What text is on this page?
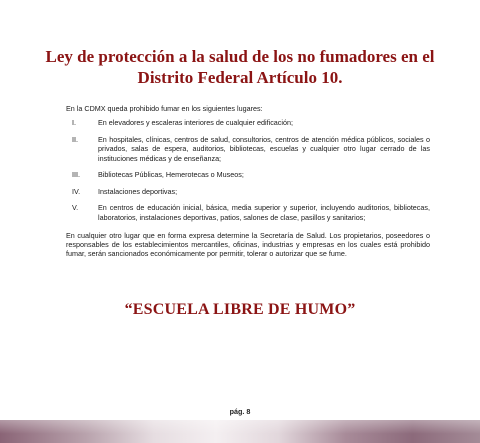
Ley de protección a la salud de los no fumadores en el Distrito Federal Artículo 10.

En la CDMX queda prohibido fumar en los siguientes lugares:

I.	En elevadores y escaleras interiores de cualquier edificación;
II.	En hospitales, clínicas, centros de salud, consultorios, centros de atención médica públicos, sociales o privados, salas de espera, auditorios, bibliotecas, escuelas y cualquier otro lugar cerrado de las instituciones médicas y de enseñanza;
III.	Bibliotecas Públicas, Hemerotecas o Museos;
IV.	Instalaciones deportivas;
V.	En centros de educación inicial, básica, media superior y superior, incluyendo auditorios, bibliotecas, laboratorios, instalaciones deportivas, patios, salones de clase, pasillos y sanitarios;

En cualquier otro lugar que en forma expresa determine la Secretaría de Salud. Los propietarios, poseedores o responsables de los establecimientos mercantiles, oficinas, industrias y empresas en los cuales está prohibido fumar, serán sancionados económicamente por permitir, tolerar o autorizar que se fume.

“ESCUELA LIBRE DE HUMO”
pág. 8
